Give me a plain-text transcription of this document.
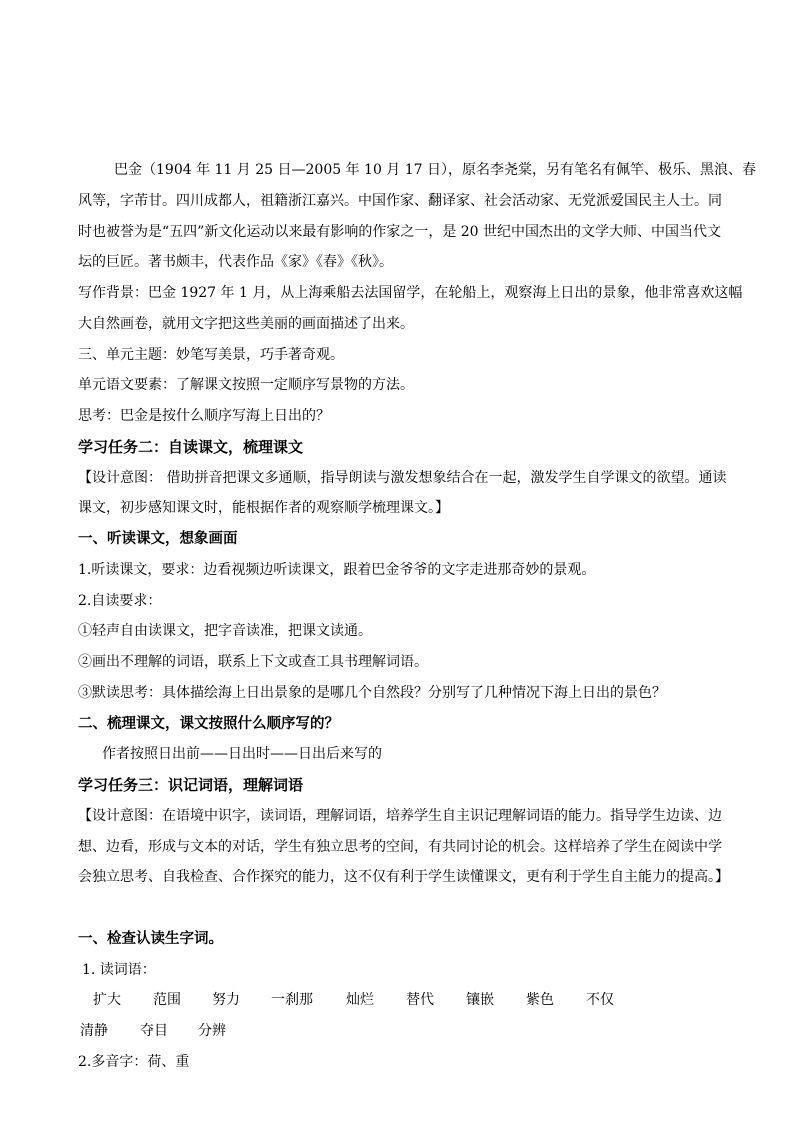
巴金（1904 年 11 月 25 日—2005 年 10 月 17 日），原名李尧棠，另有笔名有佩竿、极乐、黑浪、春
风等，字芾甘。四川成都人，祖籍浙江嘉兴。中国作家、翻译家、社会活动家、无党派爱国民主人士。同
时也被誉为是“五四”新文化运动以来最有影响的作家之一，是 20 世纪中国杰出的文学大师、中国当代文
坛的巨匠。著书颇丰，代表作品《家》《春》《秋》。
写作背景：巴金 1927 年 1 月，从上海乘船去法国留学，在轮船上，观察海上日出的景象，他非常喜欢这幅
大自然画卷，就用文字把这些美丽的画面描述了出来。
三、单元主题：妙笔写美景，巧手著奇观。
单元语文要素：了解课文按照一定顺序写景物的方法。
思考：巴金是按什么顺序写海上日出的？
学习任务二：自读课文，梳理课文
【设计意图： 借助拼音把课文多通顺，指导朗读与激发想象结合在一起，激发学生自学课文的欲望。通读
课文，初步感知课文时，能根据作者的观察顺学梳理课文。】
一、听读课文，想象画面
1.听读课文，要求：边看视频边听读课文，跟着巴金爷爷的文字走进那奇妙的景观。
2.自读要求：
①轻声自由读课文，把字音读准，把课文读通。
②画出不理解的词语，联系上下文或查工具书理解词语。
③默读思考：具体描绘海上日出景象的是哪几个自然段？分别写了几种情况下海上日出的景色？
二、梳理课文，课文按照什么顺序写的？
作者按照日出前——日出时——日出后来写的
学习任务三：识记词语，理解词语
【设计意图：在语境中识字，读词语，理解词语，培养学生自主识记理解词语的能力。指导学生边读、边
想、边看，形成与文本的对话，学生有独立思考的空间，有共同讨论的机会。这样培养了学生在阅读中学
会独立思考、自我检查、合作探究的能力，这不仅有利于学生读懂课文，更有利于学生自主能力的提高。】
一、检查认读生字词。
1. 读词语：
扩大 范围 努力 一刹那 灿烂 替代 镶嵌 紫色 不仅
清静 夺目 分辨
2.多音字：荷、重
